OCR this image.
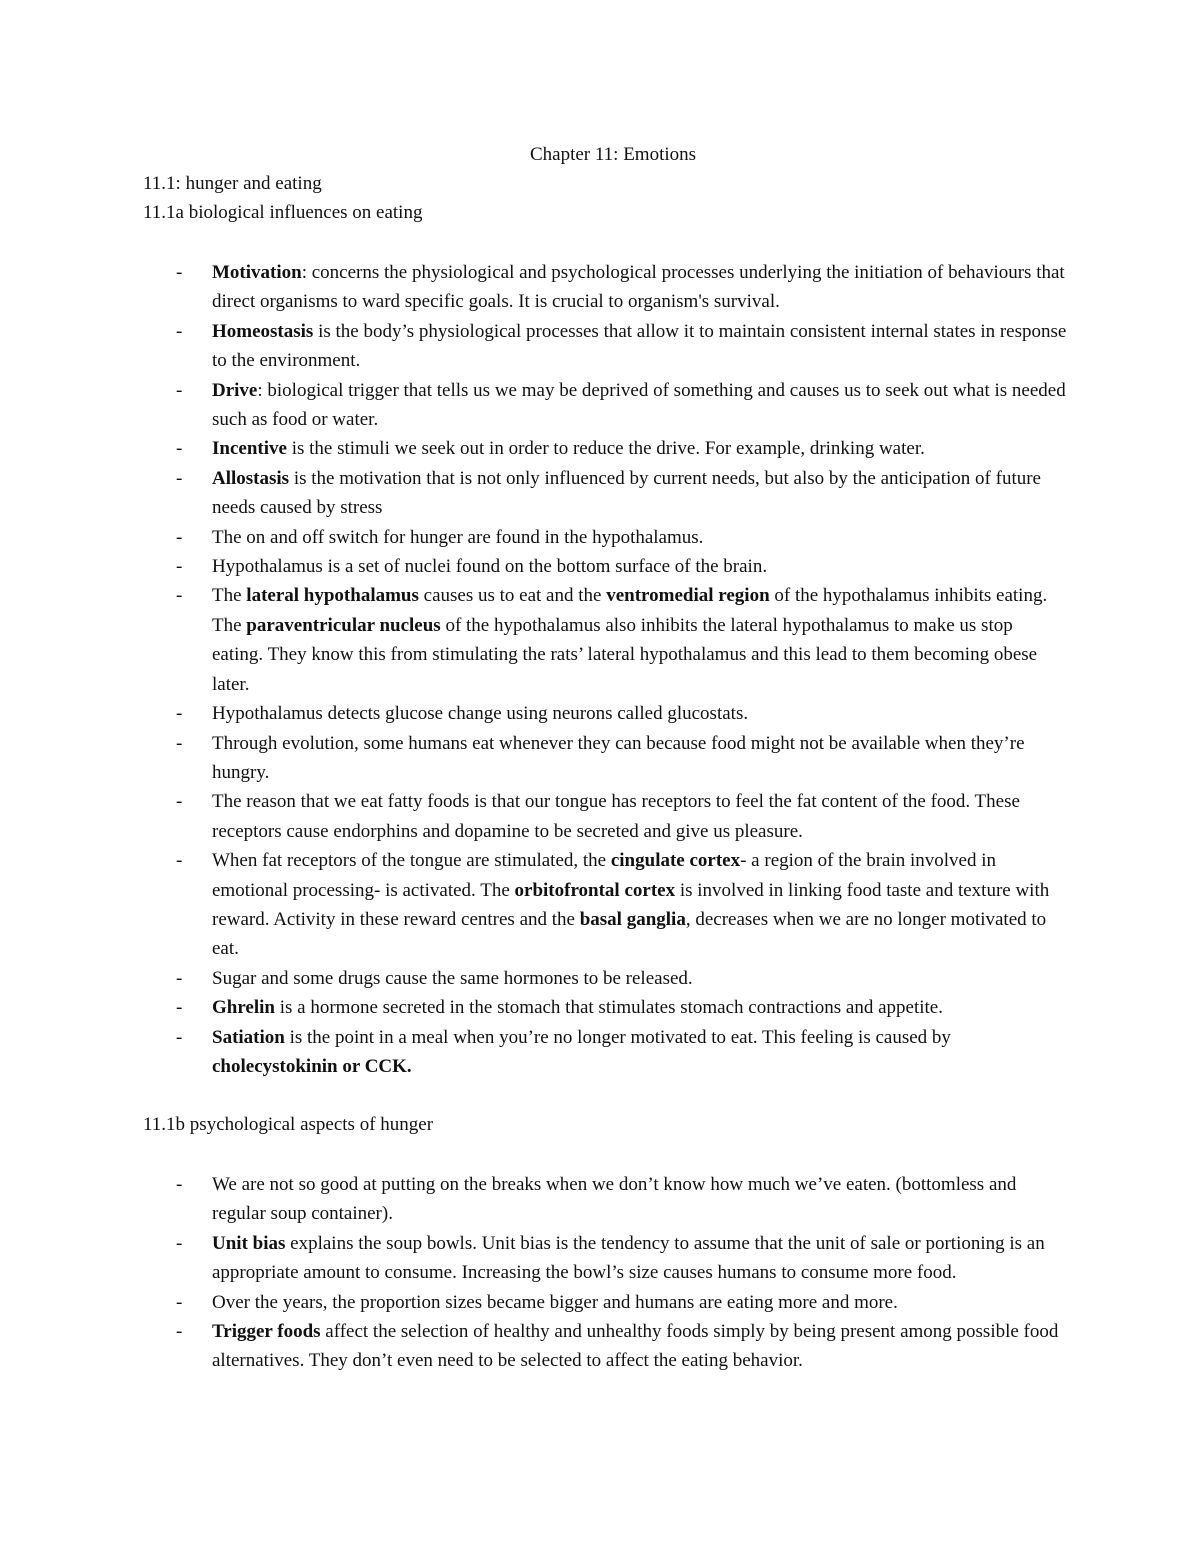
Chapter 11: Emotions
11.1: hunger and eating
11.1a biological influences on eating
- Motivation: concerns the physiological and psychological processes underlying the initiation of behaviours that direct organisms to ward specific goals. It is crucial to organism's survival.
- Homeostasis is the body’s physiological processes that allow it to maintain consistent internal states in response to the environment.
- Drive: biological trigger that tells us we may be deprived of something and causes us to seek out what is needed such as food or water.
- Incentive is the stimuli we seek out in order to reduce the drive. For example, drinking water.
- Allostasis is the motivation that is not only influenced by current needs, but also by the anticipation of future needs caused by stress
- The on and off switch for hunger are found in the hypothalamus.
- Hypothalamus is a set of nuclei found on the bottom surface of the brain.
- The lateral hypothalamus causes us to eat and the ventromedial region of the hypothalamus inhibits eating. The paraventricular nucleus of the hypothalamus also inhibits the lateral hypothalamus to make us stop eating. They know this from stimulating the rats’ lateral hypothalamus and this lead to them becoming obese later.
- Hypothalamus detects glucose change using neurons called glucostats.
- Through evolution, some humans eat whenever they can because food might not be available when they’re hungry.
- The reason that we eat fatty foods is that our tongue has receptors to feel the fat content of the food. These receptors cause endorphins and dopamine to be secreted and give us pleasure.
- When fat receptors of the tongue are stimulated, the cingulate cortex- a region of the brain involved in emotional processing- is activated. The orbitofrontal cortex is involved in linking food taste and texture with reward. Activity in these reward centres and the basal ganglia, decreases when we are no longer motivated to eat.
- Sugar and some drugs cause the same hormones to be released.
- Ghrelin is a hormone secreted in the stomach that stimulates stomach contractions and appetite.
- Satiation is the point in a meal when you’re no longer motivated to eat. This feeling is caused by cholecystokinin or CCK.
11.1b psychological aspects of hunger
- We are not so good at putting on the breaks when we don’t know how much we’ve eaten. (bottomless and regular soup container).
- Unit bias explains the soup bowls. Unit bias is the tendency to assume that the unit of sale or portioning is an appropriate amount to consume. Increasing the bowl’s size causes humans to consume more food.
- Over the years, the proportion sizes became bigger and humans are eating more and more.
- Trigger foods affect the selection of healthy and unhealthy foods simply by being present among possible food alternatives. They don’t even need to be selected to affect the eating behavior.
